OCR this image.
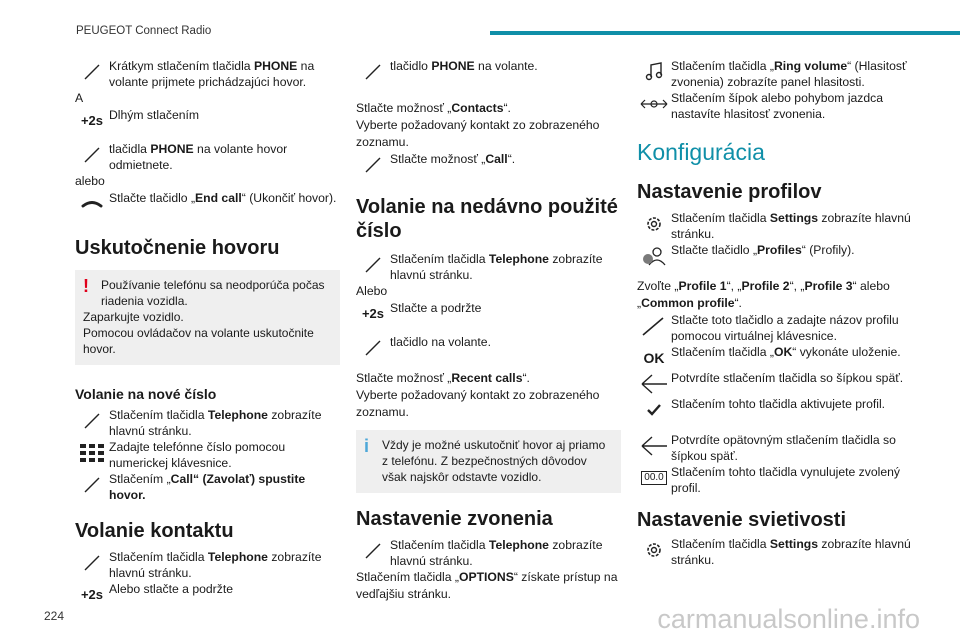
PEUGEOT Connect Radio
Krátkym stlačením tlačidla PHONE na volante prijmete prichádzajúci hovor.
A
+2s Dlhým stlačením
tlačidla PHONE na volante hovor odmietnete.
alebo
Stlačte tlačidlo „End call“ (Ukončiť hovor).
Uskutočnenie hovoru
!	Používanie telefónu sa neodporúča počas riadenia vozidla.
Zaparkujte vozidlo.
Pomocou ovládačov na volante uskutočnite hovor.
Volanie na nové číslo
Stlačením tlačidla Telephone zobrazíte hlavnú stránku.
Zadajte telefónne číslo pomocou numerickej klávesnice.
Stlačením „Call“ (Zavolať) spustite hovor.
Volanie kontaktu
Stlačením tlačidla Telephone zobrazíte hlavnú stránku.
+2s Alebo stlačte a podržte
tlačidlo PHONE na volante.
Stlačte možnosť „Contacts“.
Vyberte požadovaný kontakt zo zobrazeného zoznamu.
Stlačte možnosť „Call“.
Volanie na nedávno použité číslo
Stlačením tlačidla Telephone zobrazíte hlavnú stránku.
Alebo
+2s Stlačte a podržte
tlačidlo na volante.
Stlačte možnosť „Recent calls“.
Vyberte požadovaný kontakt zo zobrazeného zoznamu.
i	Vždy je možné uskutočniť hovor aj priamo z telefónu. Z bezpečnostných dôvodov však najskôr odstavte vozidlo.
Nastavenie zvonenia
Stlačením tlačidla Telephone zobrazíte hlavnú stránku.
Stlačením tlačidla „OPTIONS“ získate prístup na vedľajšiu stránku.
Stlačením tlačidla „Ring volume“ (Hlasitosť zvonenia) zobrazíte panel hlasitosti.
Stlačením šípok alebo pohybom jazdca nastavíte hlasitosť zvonenia.
Konfigurácia
Nastavenie profilov
Stlačením tlačidla Settings zobrazíte hlavnú stránku.
Stlačte tlačidlo „Profiles“ (Profily).
Zvoľte „Profile 1“, „Profile 2“, „Profile 3“ alebo „Common profile“.
Stlačte toto tlačidlo a zadajte názov profilu pomocou virtuálnej klávesnice.
OK Stlačením tlačidla „OK“ vykonáte uloženie.
Potvrdíte stlačením tlačidla so šípkou späť.
Stlačením tohto tlačidla aktivujete profil.
Potvrdíte opätovným stlačením tlačidla so šípkou späť.
00.0 Stlačením tohto tlačidla vynulujete zvolený profil.
Nastavenie svietivosti
Stlačením tlačidla Settings zobrazíte hlavnú stránku.
224	carmanualsonline.info
